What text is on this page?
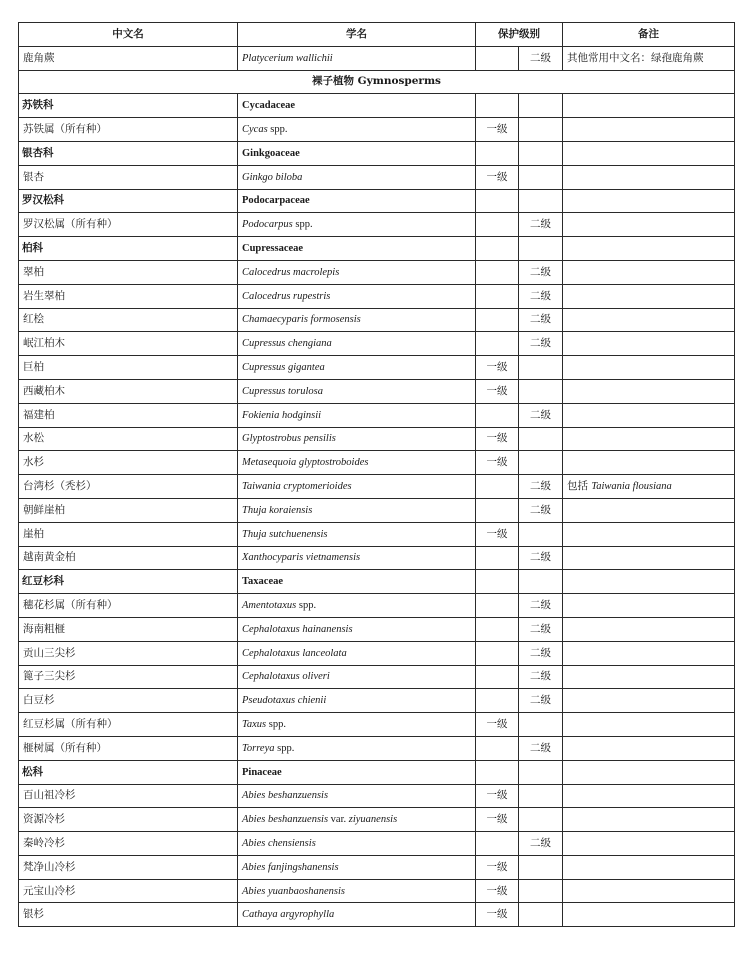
中文名	学名	保护级别		备注
鹿角蕨	Platycerium wallichii		二级	其他常用中文名：绿孢鹿角蕨
裸子植物 Gymnosperms				
苏铁科	Cycadaceae			
苏铁属（所有种）	Cycas spp.	一级		
银杏科	Ginkgoaceae			
银杏	Ginkgo biloba	一级		
罗汉松科	Podocarpaceae			
罗汉松属（所有种）	Podocarpus spp.		二级	
柏科	Cupressaceae			
翠柏	Calocedrus macrolepis		二级	
岩生翠柏	Calocedrus rupestris		二级	
红桧	Chamaecyparis formosensis		二级	
岷江柏木	Cupressus chengiana		二级	
巨柏	Cupressus gigantea	一级		
西藏柏木	Cupressus torulosa	一级		
福建柏	Fokienia hodginsii		二级	
水松	Glyptostrobus pensilis	一级		
水杉	Metasequoia glyptostroboides	一级		
台湾杉（秃杉）	Taiwania cryptomerioides		二级	包括 Taiwania flousiana
朝鲜崖柏	Thuja koraiensis		二级	
崖柏	Thuja sutchuenensis	一级		
越南黄金柏	Xanthocyparis vietnamensis		二级	
红豆杉科	Taxaceae			
穗花杉属（所有种）	Amentotaxus spp.		二级	
海南粗榧	Cephalotaxus hainanensis		二级	
贡山三尖杉	Cephalotaxus lanceolata		二级	
篦子三尖杉	Cephalotaxus oliveri		二级	
白豆杉	Pseudotaxus chienii		二级	
红豆杉属（所有种）	Taxus spp.	一级		
榧树属（所有种）	Torreya spp.		二级	
松科	Pinaceae			
百山祖冷杉	Abies beshanzuensis	一级		
资源冷杉	Abies beshanzuensis var. ziyuanensis	一级		
秦岭冷杉	Abies chensiensis		二级	
梵净山冷杉	Abies fanjingshanensis	一级		
元宝山冷杉	Abies yuanbaoshanensis	一级		
银杉	Cathaya argyrophylla	一级		
